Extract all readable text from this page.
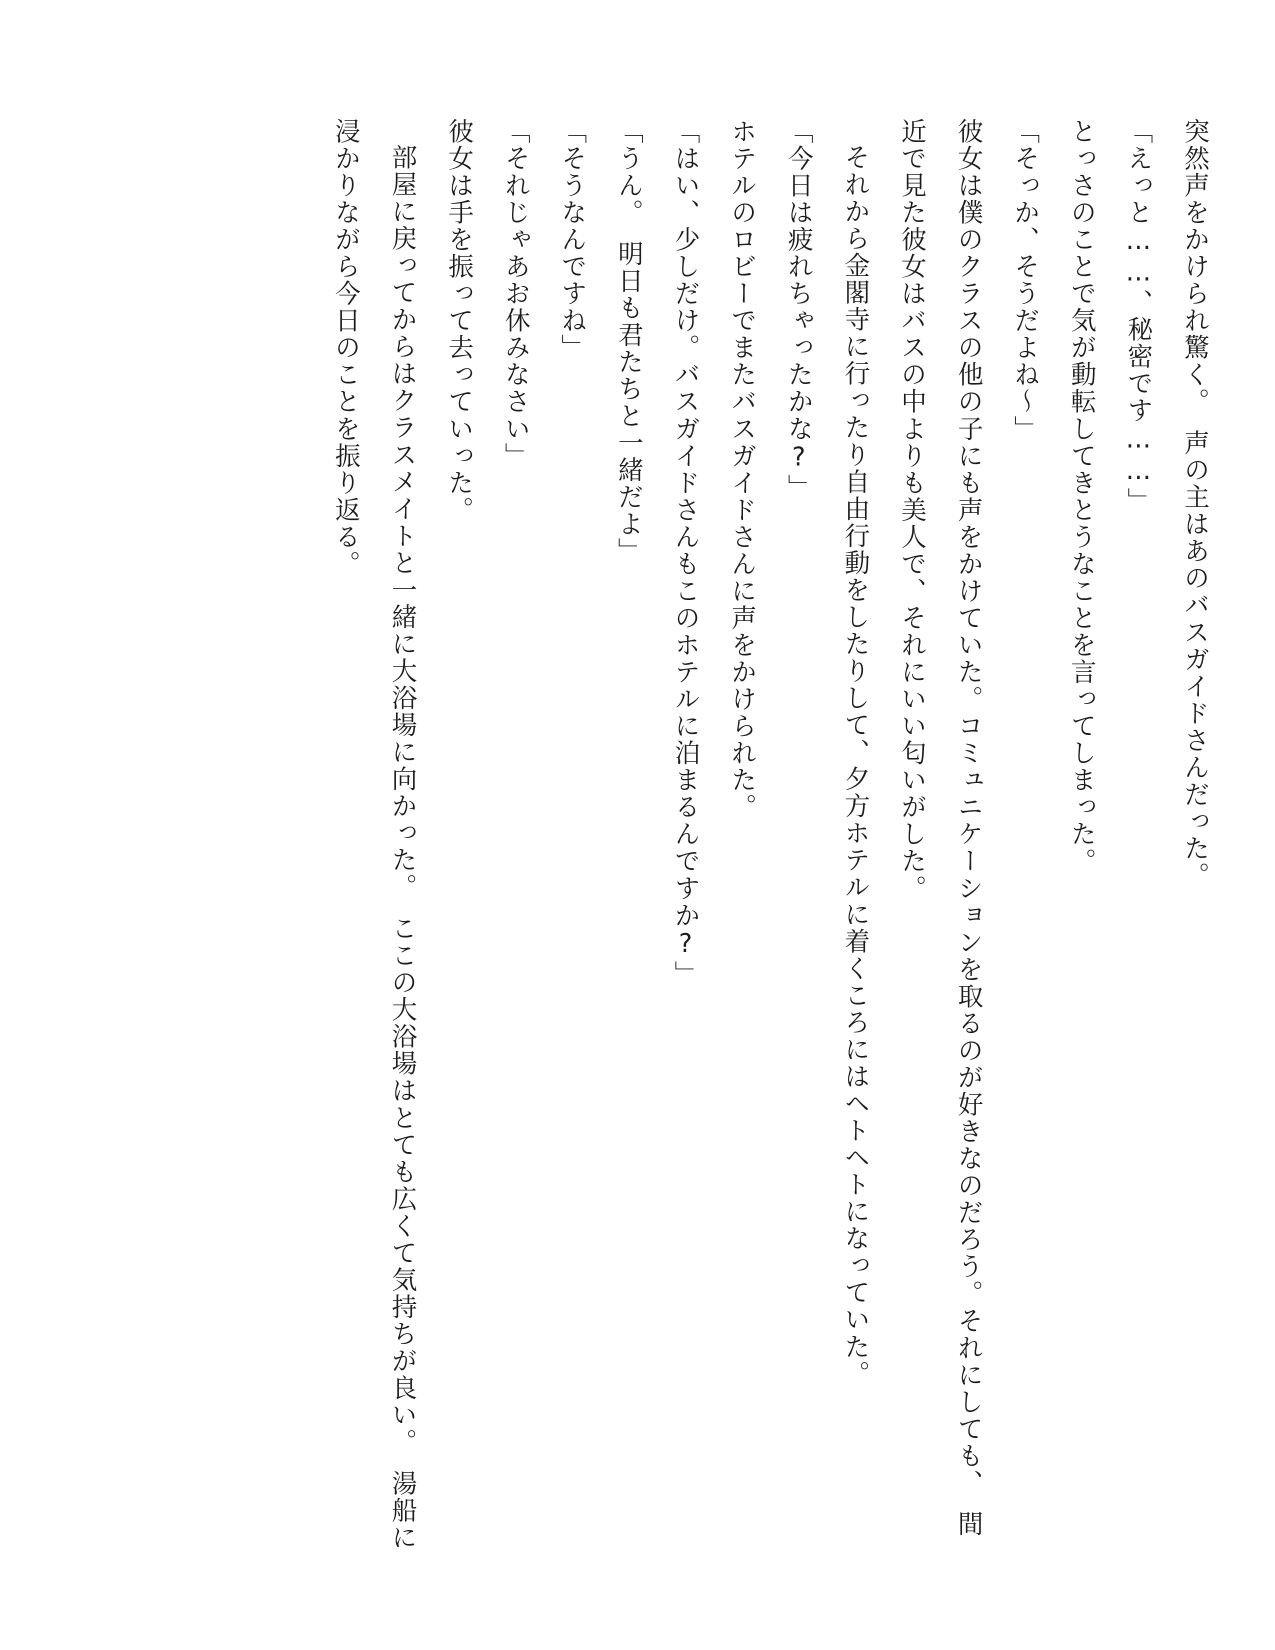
突然声をかけられ驚く。　声の主はあのバスガイドさんだった。

「えっと……、秘密です……」

とっさのことで気が動転してきとうなことを言ってしまった。

「そっか、そうだよね〜」

彼女は僕のクラスの他の子にも声をかけていた。コミュニケーションを取るのが好きなのだろう。それにしても、　間近で見た彼女はバスの中よりも美人で、それにいい匂いがした。

それから金閣寺に行ったり自由行動をしたりして、夕方ホテルに着くころにはヘトヘトになっていた。

「今日は疲れちゃったかな?」

ホテルのロビーでまたバスガイドさんに声をかけられた。

「はい、少しだけ。バスガイドさんもこのホテルに泊まるんですか?」

「うん。　明日も君たちと一緒だよ」

「そうなんですね」

「それじゃあお休みなさい」

彼女は手を振って去っていった。

部屋に戻ってからはクラスメイトと一緒に大浴場に向かった。　ここの大浴場はとても広くて気持ちが良い。　湯船に浸かりながら今日のことを振り返る。
